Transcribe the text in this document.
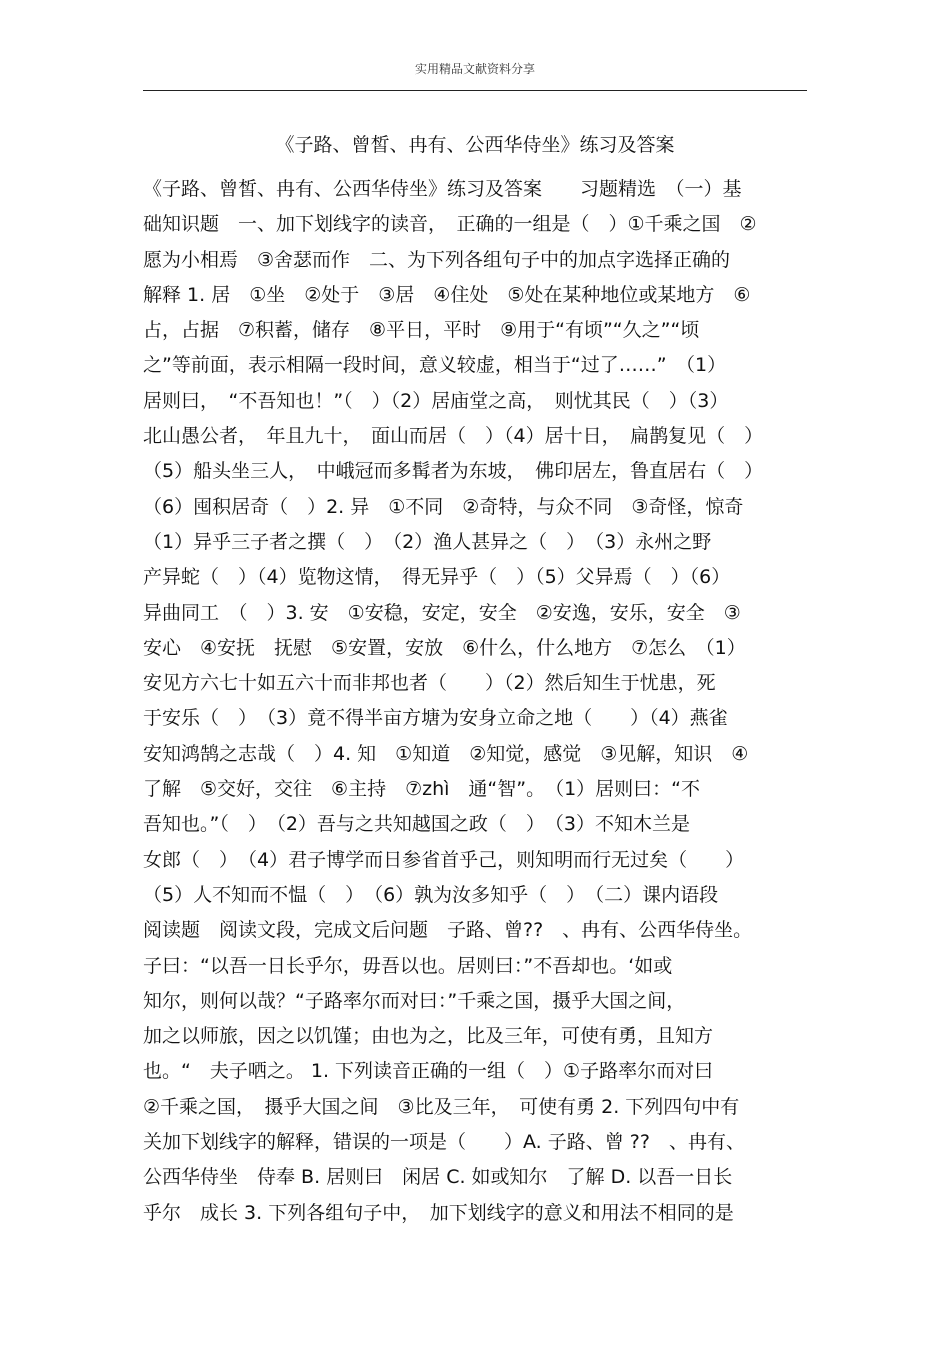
实用精品文献资料分享
《子路、曾皙、冉有、公西华侍坐》练习及答案
《子路、曾皙、冉有、公西华侍坐》练习及答案　　习题精选　（一）基
础知识题　一、加下划线字的读音，　正确的一组是（　）①千乘之国　②
愿为小相焉　③舍瑟而作　二、为下列各组句子中的加点字选择正确的
解释 1. 居　①坐　②处于　③居　④住处　⑤处在某种地位或某地方　⑥
占，占据　⑦积蓄，储存　⑧平日，平时　⑨用于“有顷”“久之”“顷
之”等前面，表示相隔一段时间，意义较虚，相当于“过了……”　（1）
居则曰，　“不吾知也！”（　）（2）居庙堂之高，　则忧其民（　）（3）
北山愚公者，　年且九十，　面山而居（　）（4）居十日，　扁鹊复见（　）
（5）船头坐三人，　中峨冠而多髯者为东坡，　佛印居左，鲁直居右（　）
（6）囤积居奇（　）2. 异　①不同　②奇特，与众不同　③奇怪，惊奇
（1）异乎三子者之撰（　）　（2）渔人甚异之（　）　（3）永州之野
产异蛇（　）（4）览物这情，　得无异乎（　）（5）父异焉（　）（6）
异曲同工　（　）3. 安　①安稳，安定，安全　②安逸，安乐，安全　③
安心　④安抚　抚慰　⑤安置，安放　⑥什么，什么地方　⑦怎么　（1）
安见方六七十如五六十而非邦也者（　　）（2）然后知生于忧患，死
于安乐（　）　（3）竟不得半亩方塘为安身立命之地（　　）（4）燕雀
安知鸿鹄之志哉（　）4. 知　①知道　②知觉，感觉　③见解，知识　④
了解　⑤交好，交往　⑥主持　⑦zhì　通“智”。　（1）居则曰：“不
吾知也。”（　）　（2）吾与之共知越国之政（　）　（3）不知木兰是
女郎（　）　（4）君子博学而日参省首乎己，则知明而行无过矣（　　）
（5）人不知而不愠（　）　（6）孰为汝多知乎（　）　（二）课内语段
阅读题　阅读文段，完成文后问题　子路、曾??　、冉有、公西华侍坐。
子曰：“以吾一日长乎尔，毋吾以也。居则曰：”不吾却也。‘如或
知尔，则何以哉？“子路率尔而对曰：”千乘之国，摄乎大国之间，
加之以师旅，因之以饥馑；由也为之，比及三年，可使有勇，且知方
也。“　夫子哂之。 1. 下列读音正确的一组（　）①子路率尔而对曰
②千乘之国，　摄乎大国之间　③比及三年，　可使有勇 2. 下列四句中有
关加下划线字的解释，错误的一项是（　　）A. 子路、曾 ??　、冉有、
公西华侍坐　侍奉 B. 居则曰　闲居 C. 如或知尔　了解 D. 以吾一日长
乎尔　成长 3. 下列各组句子中，　加下划线字的意义和用法不相同的是
